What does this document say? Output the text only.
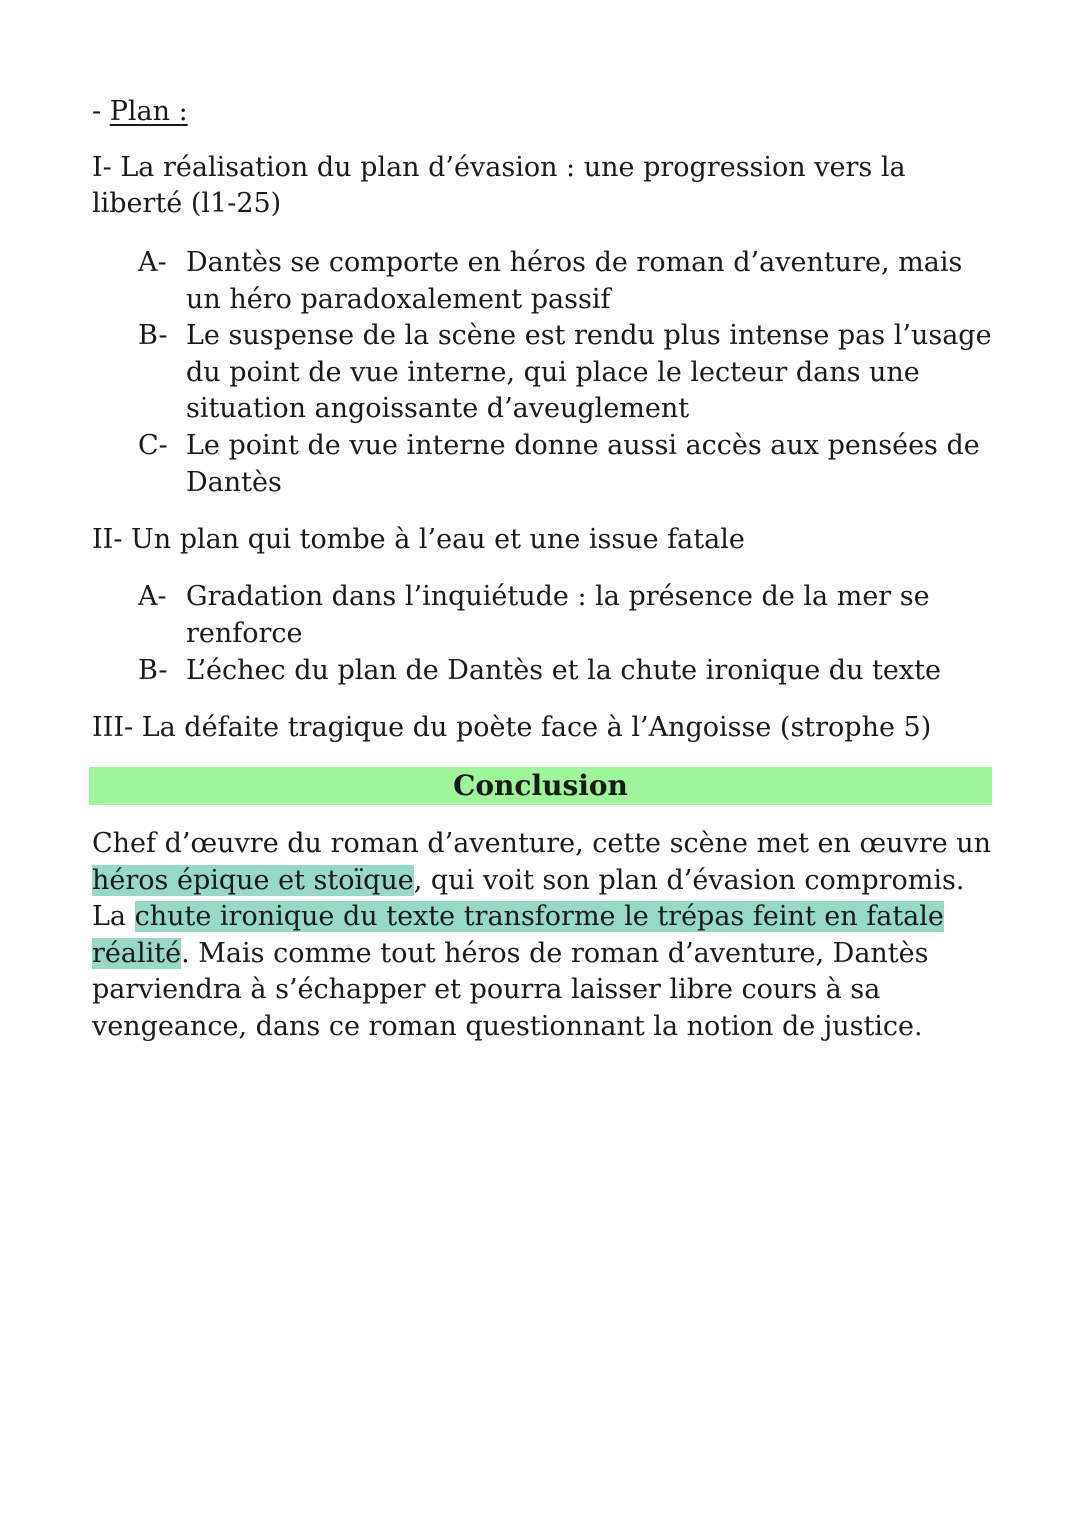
- Plan :
I- La réalisation du plan d’évasion : une progression vers la liberté (l1-25)
A- Dantès se comporte en héros de roman d’aventure, mais un héro paradoxalement passif
B- Le suspense de la scène est rendu plus intense pas l’usage du point de vue interne, qui place le lecteur dans une situation angoissante d’aveuglement
C- Le point de vue interne donne aussi accès aux pensées de Dantès
II- Un plan qui tombe à l’eau et une issue fatale
A- Gradation dans l’inquiétude : la présence de la mer se renforce
B- L’échec du plan de Dantès et la chute ironique du texte
III- La défaite tragique du poète face à l’Angoisse (strophe 5)
Conclusion
Chef d’œuvre du roman d’aventure, cette scène met en œuvre un héros épique et stoïque, qui voit son plan d’évasion compromis. La chute ironique du texte transforme le trépas feint en fatale réalité. Mais comme tout héros de roman d’aventure, Dantès parviendra à s’échapper et pourra laisser libre cours à sa vengeance, dans ce roman questionnant la notion de justice.
